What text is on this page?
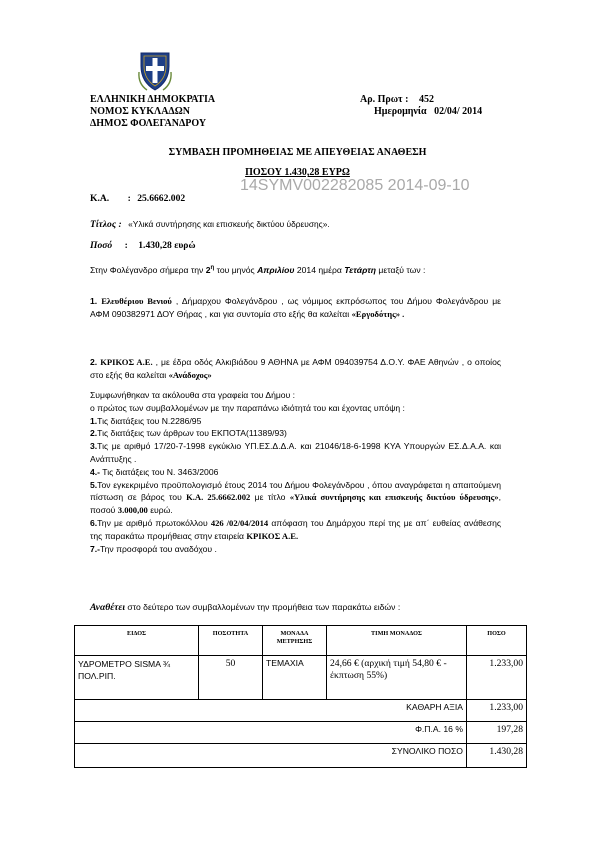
ΕΛΛΗΝΙΚΗ ΔΗΜΟΚΡΑΤΙΑ
ΝΟΜΟΣ ΚΥΚΛΑΔΩΝ
ΔΗΜΟΣ ΦΟΛΕΓΑΝΔΡΟΥ
Αρ. Πρωτ : 452
Ημερομηνία 02/04/ 2014
ΣΥΜΒΑΣΗ ΠΡΟΜΗΘΕΙΑΣ ΜΕ ΑΠΕΥΘΕΙΑΣ ΑΝΑΘΕΣΗ
ΠΟΣΟΥ 1.430,28 ΕΥΡΩ
14SYMV002282085 2014-09-10
Κ.Α. : 25.6662.002
Τίτλος : «Υλικά συντήρησης και επισκευής δικτύου ύδρευσης».
Ποσό : 1.430,28 ευρώ
Στην Φολέγανδρο σήμερα την $2^\eta$ του μηνός Απριλίου 2014 ημέρα Τετάρτη μεταξύ των :
1. Ελευθέριου Βενιού , Δήμαρχου Φολεγάνδρου , ως νόμιμος εκπρόσωπος του Δήμου Φολεγάνδρου με ΑΦΜ 090382971 ΔΟΥ Θήρας , και για συντομία στο εξής θα καλείται «Εργοδότης» .
2. ΚΡΙΚΟΣ Α.Ε. , με έδρα οδός Αλκιβιάδου 9 ΑΘΗΝΑ με ΑΦΜ 094039754 Δ.Ο.Υ. ΦΑΕ Αθηνών , ο οποίος στο εξής θα καλείται «Ανάδοχος»
Συμφωνήθηκαν τα ακόλουθα στα γραφεία του Δήμου :
ο πρώτος των συμβαλλομένων με την παραπάνω ιδιότητά του και έχοντας υπόψη :
1.Τις διατάξεις του Ν.2286/95
2.Τις διατάξεις των άρθρων του ΕΚΠΟΤΑ(11389/93)
3.Τις με αριθμό 17/20-7-1998 εγκύκλιο ΥΠ.ΕΣ.Δ.Δ.Α. και 21046/18-6-1998 ΚΥΑ Υπουργών ΕΣ.Δ.Α.Α. και Ανάπτυξης .
4.- Τις διατάξεις του Ν. 3463/2006
5.Τον εγκεκριμένο προϋπολογισμό έτους 2014 του Δήμου Φολεγάνδρου , όπου αναγράφεται η απαιτούμενη πίστωση σε βάρος του Κ.Α. 25.6662.002 με τίτλο «Υλικά συντήρησης και επισκευής δικτύου ύδρευσης», ποσού 3.000,00 ευρώ.
6.Την με αριθμό πρωτοκόλλου 426 /02/04/2014 απόφαση του Δημάρχου περί της με απ΄ ευθείας ανάθεσης της παρακάτω προμήθειας στην εταιρεία ΚΡΙΚΟΣ Α.Ε.
7.-Την προσφορά του αναδόχου .
Αναθέτει στο δεύτερο των συμβαλλομένων την προμήθεια των παρακάτω ειδών :
ΕΙΔΟΣ	ΠΟΣΟΤΗΤΑ	ΜΟΝΑΔΑ ΜΕΤΡΗΣΗΣ	ΤΙΜΗ ΜΟΝΑΔΟΣ	ΠΟΣΟ
ΥΔΡΟΜΕΤΡΟ SISMA ¾ ΠΟΛ.ΡΙΠ.	50	ΤΕΜΑΧΙΑ	24,66 € (αρχική τιμή 54,80 € - έκπτωση 55%)	1.233,00
ΚΑΘΑΡΗ ΑΞΙΑ				1.233,00
Φ.Π.Α. 16 %				197,28
ΣΥΝΟΛΙΚΟ ΠΟΣΟ				1.430,28
